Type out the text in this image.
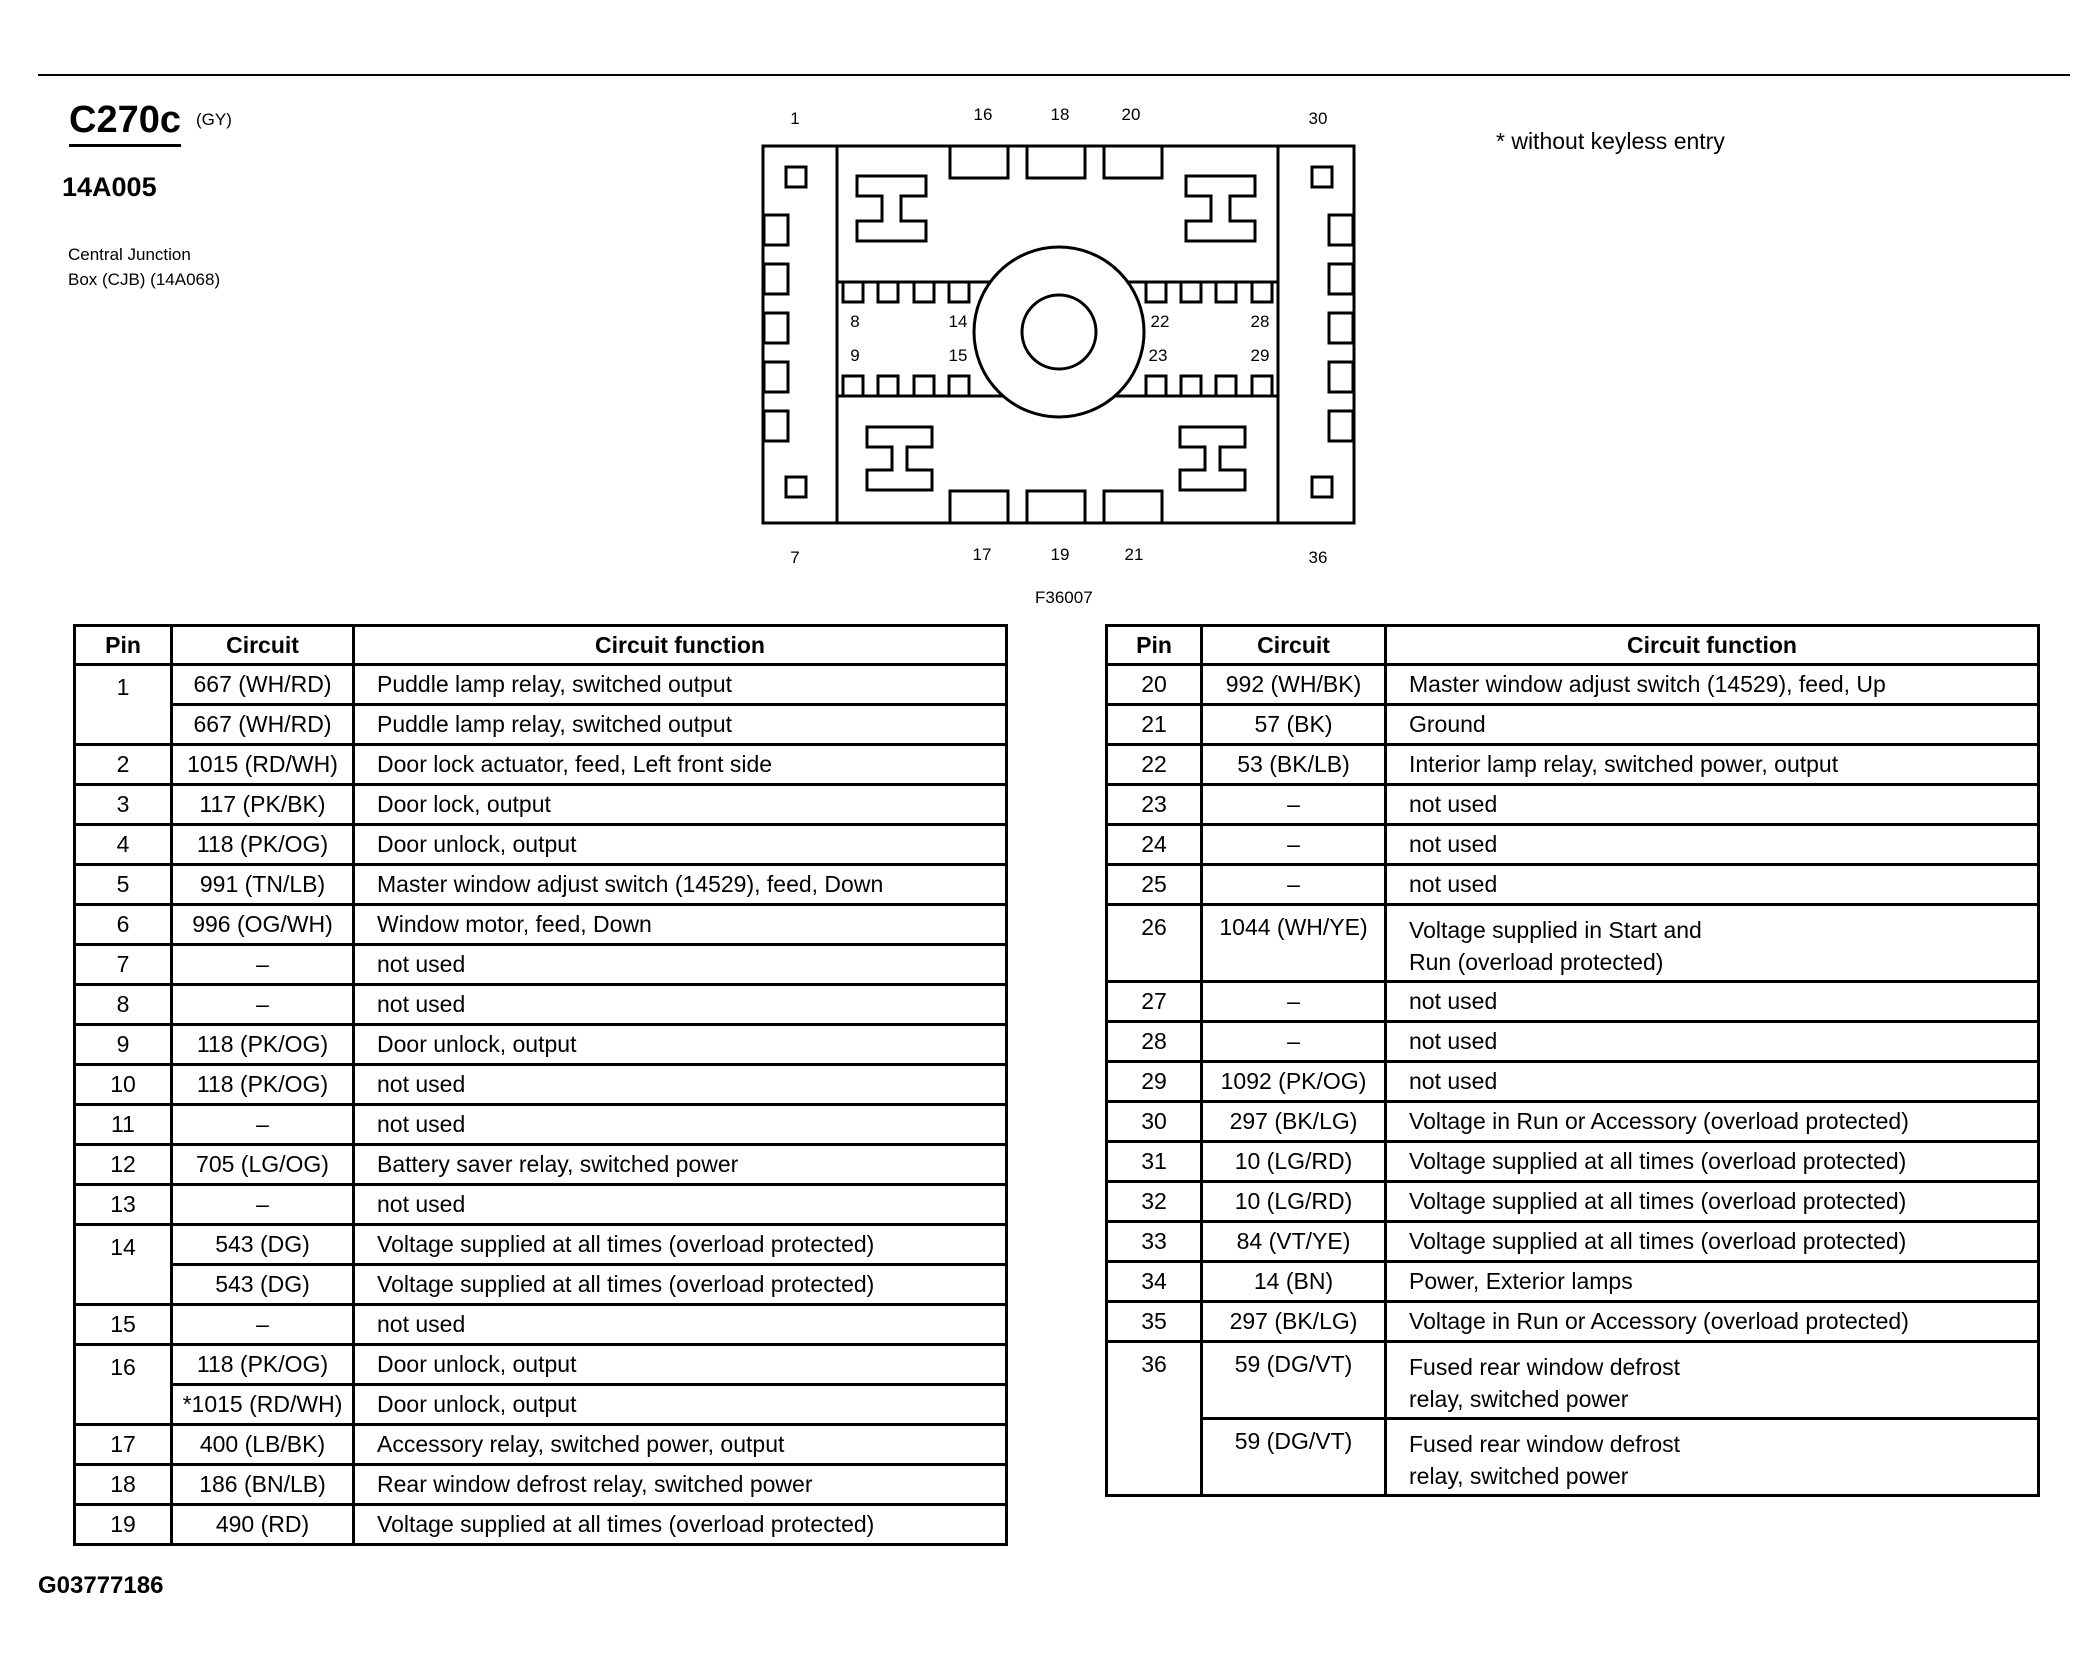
C270c (GY)
14A005
Central Junction
Box (CJB) (14A068)
* without keyless entry
F36007
G03777186
1	16	18	20	30
8	14	22	28
9	15	23	29
7	17	19	21	36
Pin	Circuit	Circuit function
1	667 (WH/RD)	Puddle lamp relay, switched output
	667 (WH/RD)	Puddle lamp relay, switched output
2	1015 (RD/WH)	Door lock actuator, feed, Left front side
3	117 (PK/BK)	Door lock, output
4	118 (PK/OG)	Door unlock, output
5	991 (TN/LB)	Master window adjust switch (14529), feed, Down
6	996 (OG/WH)	Window motor, feed, Down
7	–	not used
8	–	not used
9	118 (PK/OG)	Door unlock, output
10	118 (PK/OG)	not used
11	–	not used
12	705 (LG/OG)	Battery saver relay, switched power
13	–	not used
14	543 (DG)	Voltage supplied at all times (overload protected)
	543 (DG)	Voltage supplied at all times (overload protected)
15	–	not used
16	118 (PK/OG)	Door unlock, output
	*1015 (RD/WH)	Door unlock, output
17	400 (LB/BK)	Accessory relay, switched power, output
18	186 (BN/LB)	Rear window defrost relay, switched power
19	490 (RD)	Voltage supplied at all times (overload protected)
Pin	Circuit	Circuit function
20	992 (WH/BK)	Master window adjust switch (14529), feed, Up
21	57 (BK)	Ground
22	53 (BK/LB)	Interior lamp relay, switched power, output
23	–	not used
24	–	not used
25	–	not used
26	1044 (WH/YE)	Voltage supplied in Start and
Run (overload protected)

27	–	not used
28	–	not used
29	1092 (PK/OG)	not used
30	297 (BK/LG)	Voltage in Run or Accessory (overload protected)
31	10 (LG/RD)	Voltage supplied at all times (overload protected)
32	10 (LG/RD)	Voltage supplied at all times (overload protected)
33	84 (VT/YE)	Voltage supplied at all times (overload protected)
34	14 (BN)	Power, Exterior lamps
35	297 (BK/LG)	Voltage in Run or Accessory (overload protected)
36	59 (DG/VT)	Fused rear window defrost
relay, switched power

	59 (DG/VT)	Fused rear window defrost
relay, switched power
